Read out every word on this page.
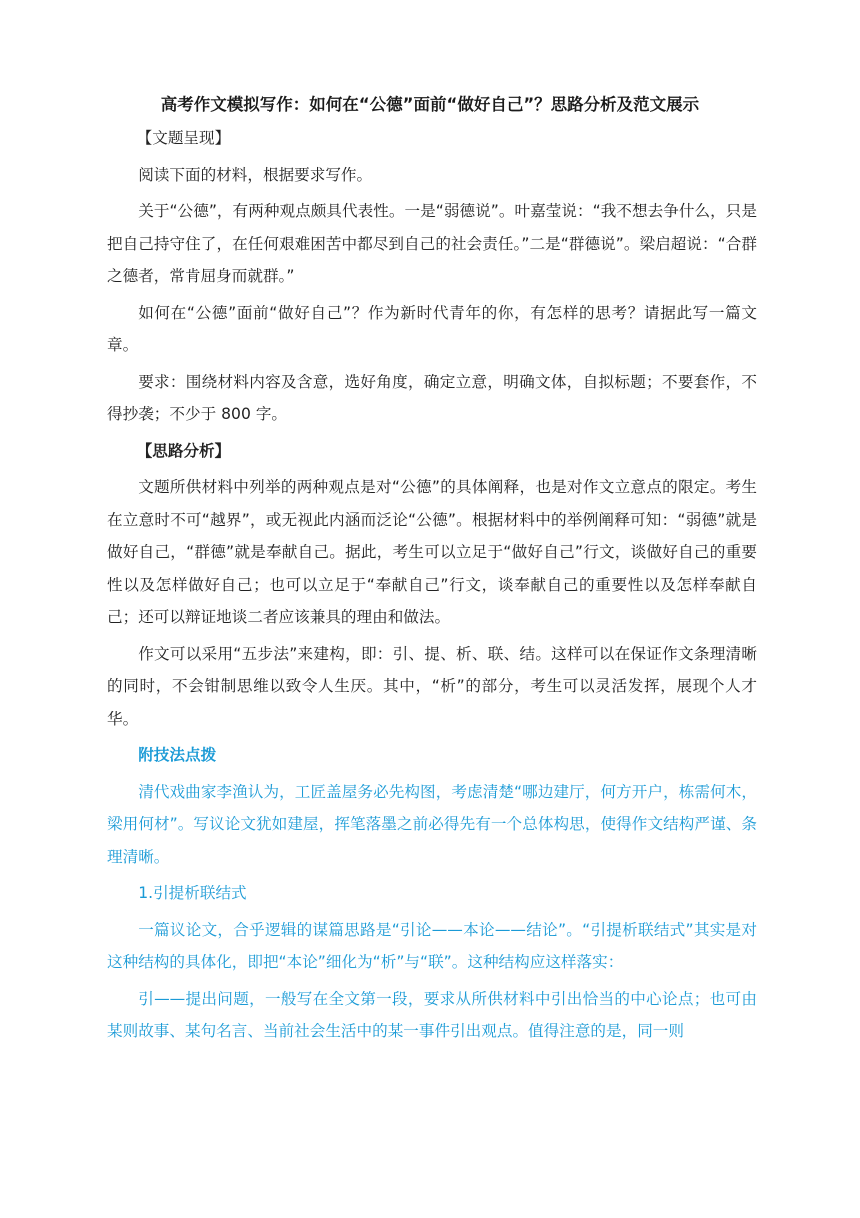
高考作文模拟写作：如何在“公德”面前“做好自己”？思路分析及范文展示

【文题呈现】

阅读下面的材料，根据要求写作。

关于“公德”，有两种观点颇具代表性。一是“弱德说”。叶嘉莹说：“我不想去争什么，只是把自己持守住了，在任何艰难困苦中都尽到自己的社会责任。”二是“群德说”。梁启超说：“合群之德者，常肯屈身而就群。”

如何在“公德”面前“做好自己”？作为新时代青年的你，有怎样的思考？请据此写一篇文章。

要求：围绕材料内容及含意，选好角度，确定立意，明确文体，自拟标题；不要套作，不得抄袭；不少于 800 字。

【思路分析】

文题所供材料中列举的两种观点是对“公德”的具体阐释，也是对作文立意点的限定。考生在立意时不可“越界”，或无视此内涵而泛论“公德”。根据材料中的举例阐释可知：“弱德”就是做好自己，“群德”就是奉献自己。据此，考生可以立足于“做好自己”行文，谈做好自己的重要性以及怎样做好自己；也可以立足于“奉献自己”行文，谈奉献自己的重要性以及怎样奉献自己；还可以辩证地谈二者应该兼具的理由和做法。

作文可以采用“五步法”来建构，即：引、提、析、联、结。这样可以在保证作文条理清晰的同时，不会钳制思维以致令人生厌。其中，“析”的部分，考生可以灵活发挥，展现个人才华。

附技法点拨

清代戏曲家李渔认为，工匠盖屋务必先构图，考虑清楚“哪边建厅，何方开户，栋需何木，梁用何材”。写议论文犹如建屋，挥笔落墨之前必得先有一个总体构思，使得作文结构严谨、条理清晰。

1.引提析联结式

一篇议论文，合乎逻辑的谋篇思路是“引论——本论——结论”。“引提析联结式”其实是对这种结构的具体化，即把“本论”细化为“析”与“联”。这种结构应这样落实：

引——提出问题，一般写在全文第一段，要求从所供材料中引出恰当的中心论点；也可由某则故事、某句名言、当前社会生活中的某一事件引出观点。值得注意的是，同一则
